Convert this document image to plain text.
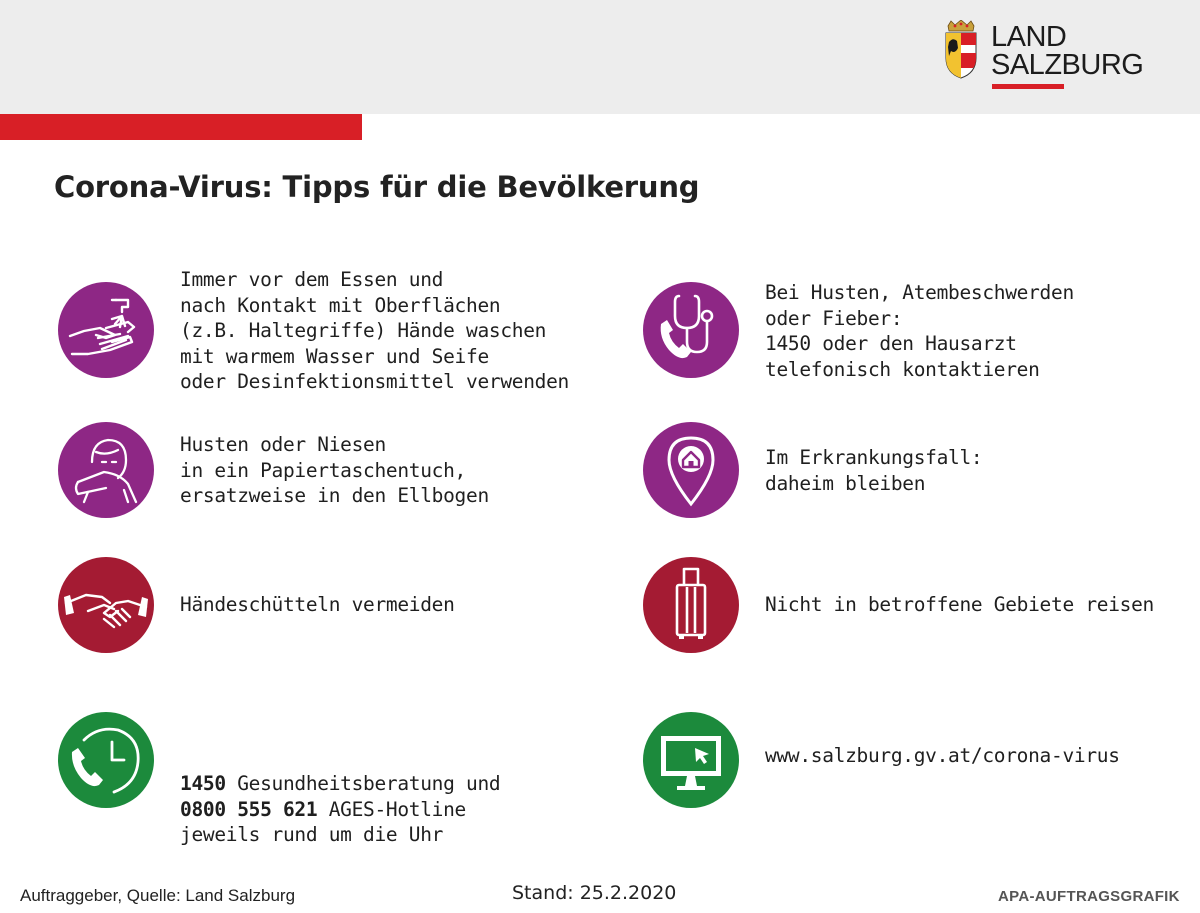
LAND
SALZBURG
Corona-Virus: Tipps für die Bevölkerung
Immer vor dem Essen und
nach Kontakt mit Oberflächen
(z.B. Haltegriffe) Hände waschen
mit warmem Wasser und Seife
oder Desinfektionsmittel verwenden
Bei Husten, Atembeschwerden
oder Fieber:
1450 oder den Hausarzt
telefonisch kontaktieren
Husten oder Niesen
in ein Papiertaschentuch,
ersatzweise in den Ellbogen
Im Erkrankungsfall:
daheim bleiben
Händeschütteln vermeiden	Nicht in betroffene Gebiete reisen

1450 Gesundheitsberatung und
0800 555 621 AGES-Hotline
jeweils rund um die Uhr

www.salzburg.gv.at/corona-virus
Auftraggeber, Quelle: Land Salzburg	Stand: 25.2.2020	APA-AUFTRAGSGRAFIK
